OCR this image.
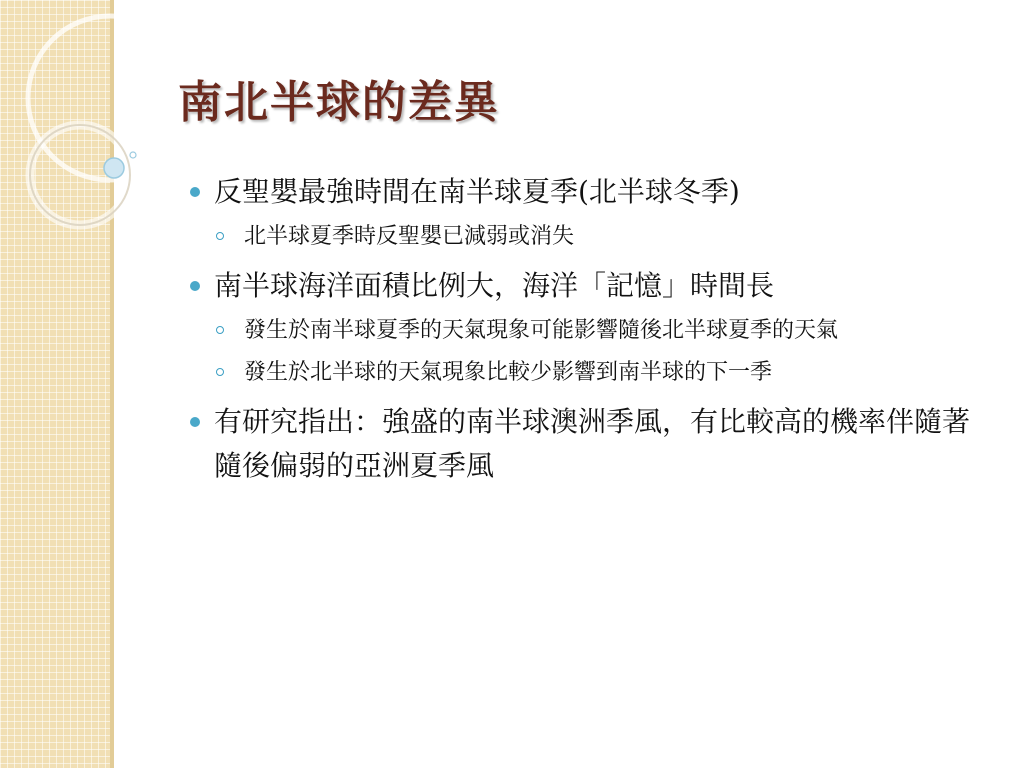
南北半球的差異
反聖嬰最強時間在南半球夏季(北半球冬季)
北半球夏季時反聖嬰已減弱或消失
南半球海洋面積比例大，海洋「記憶」時間長
發生於南半球夏季的天氣現象可能影響隨後北半球夏季的天氣
發生於北半球的天氣現象比較少影響到南半球的下一季
有研究指出：強盛的南半球澳洲季風，有比較高的機率伴隨著隨後偏弱的亞洲夏季風
